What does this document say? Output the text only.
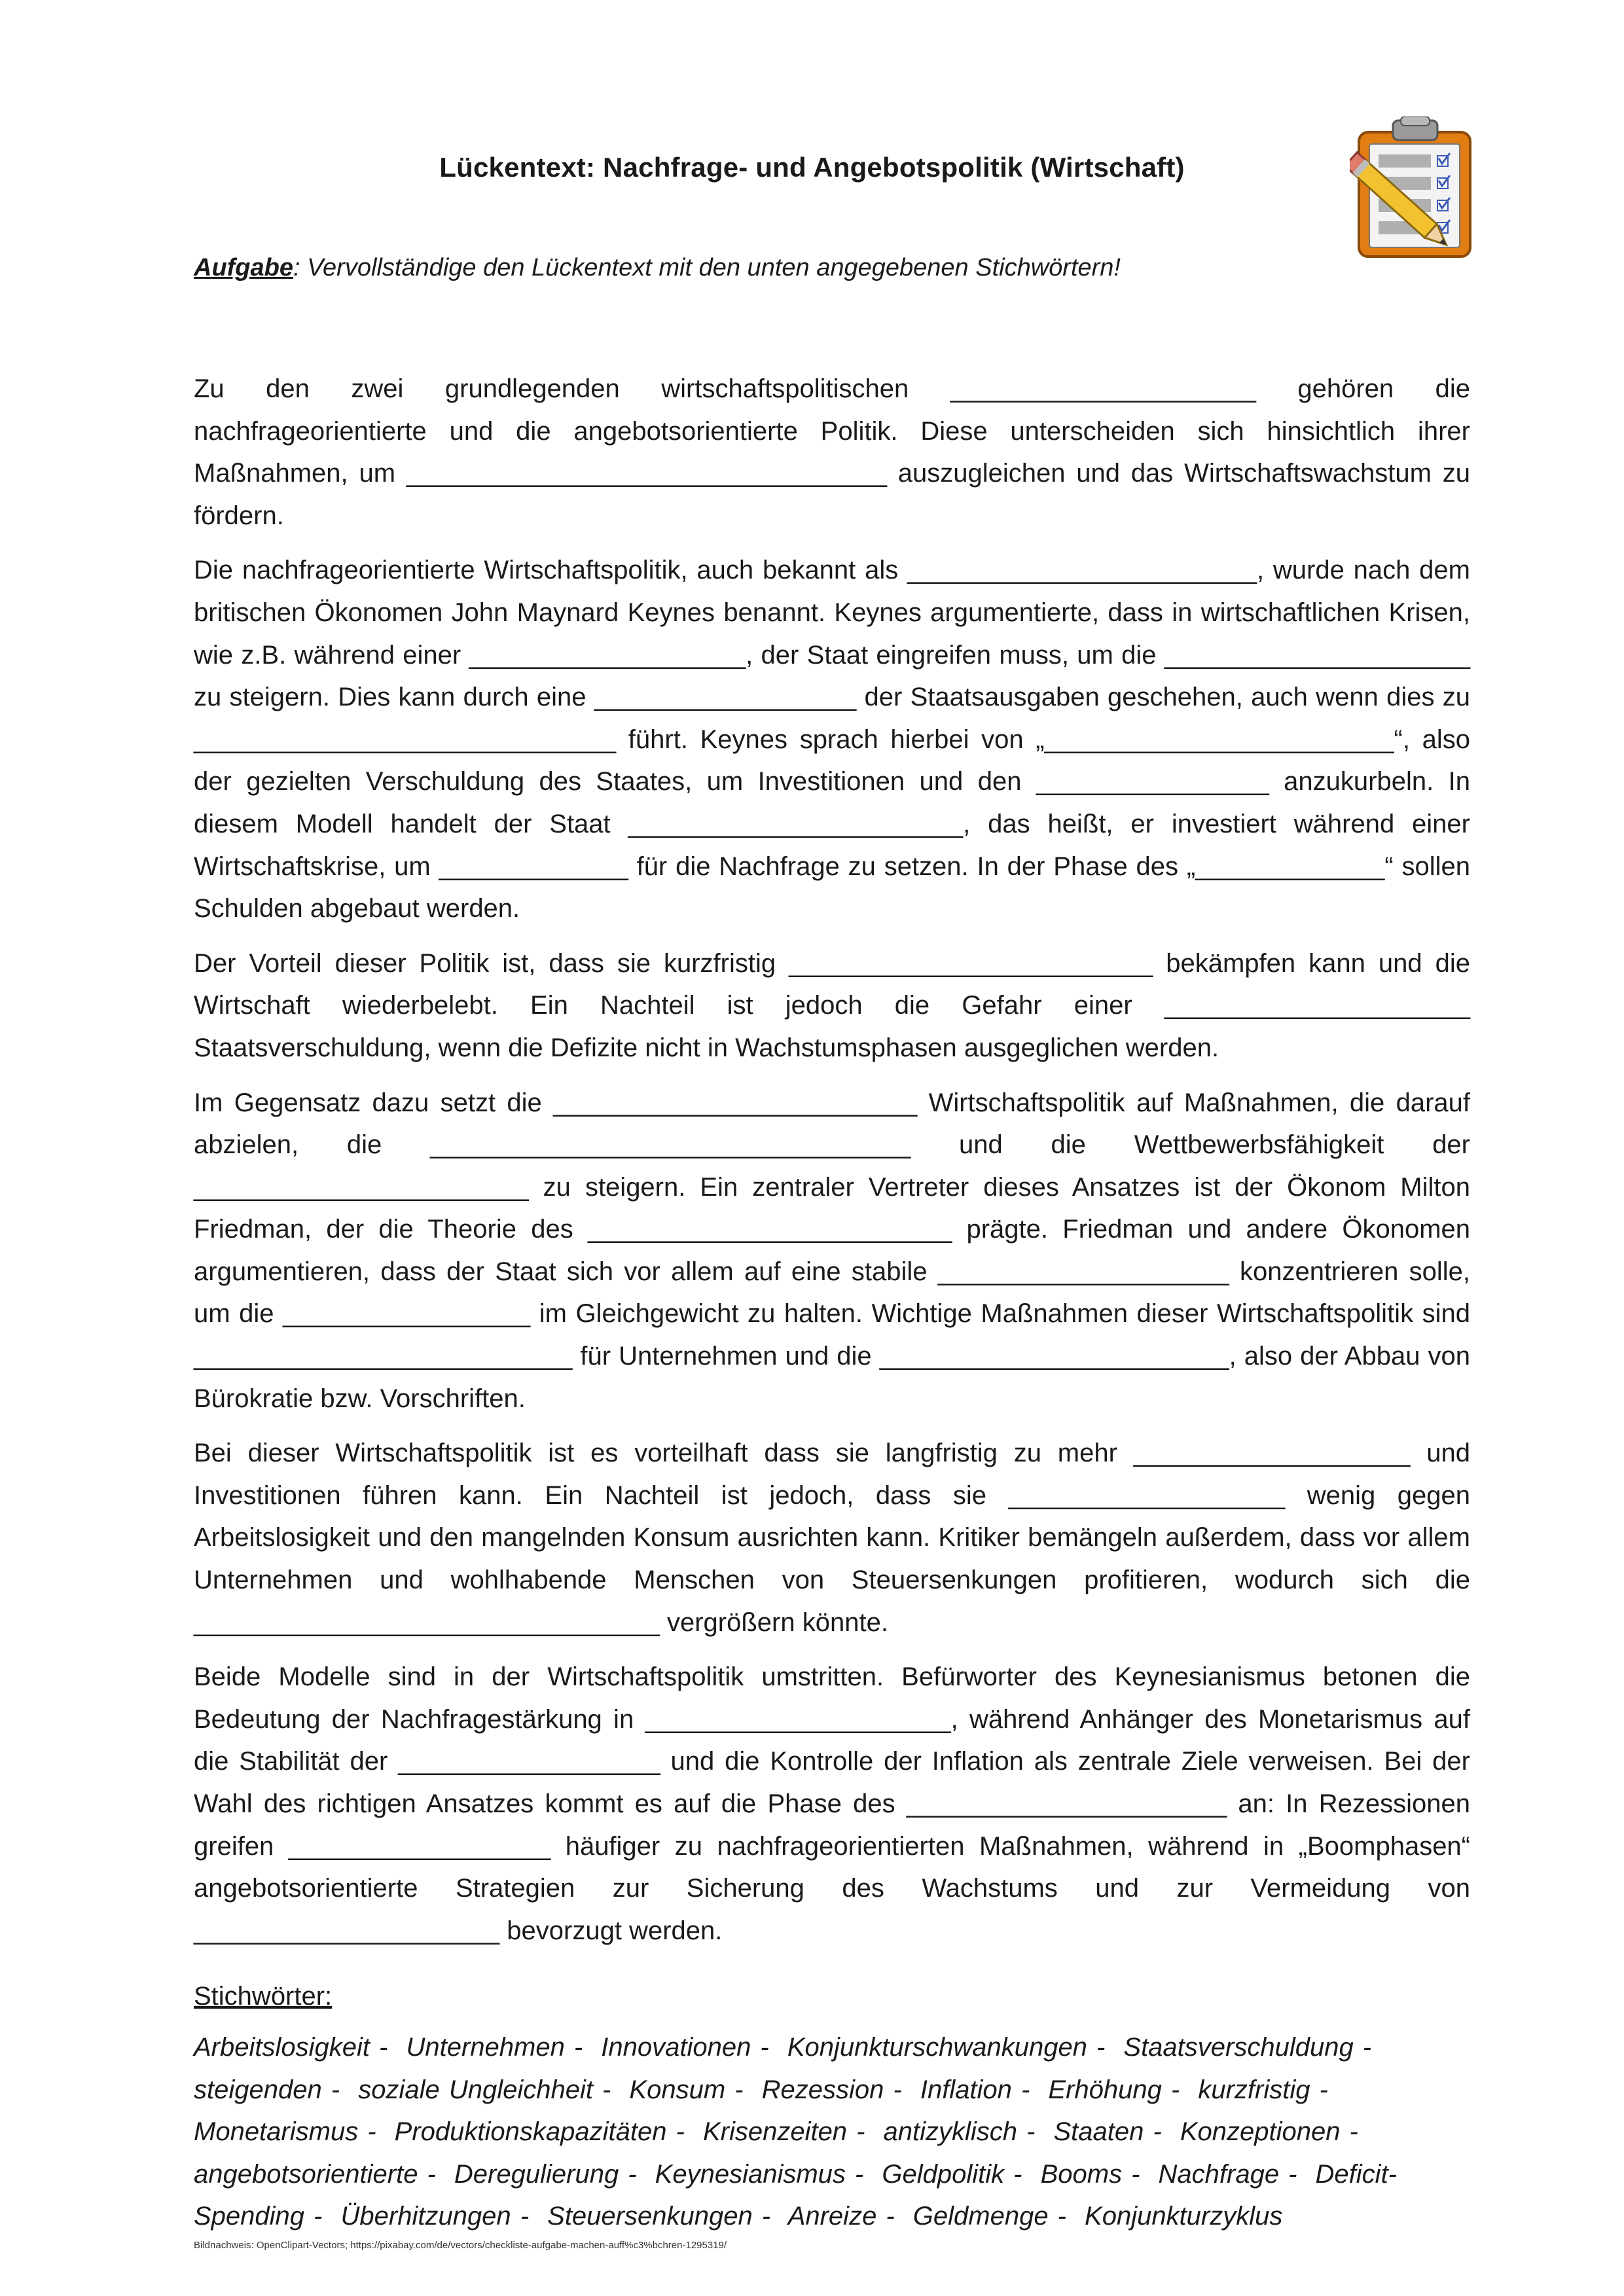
Lückentext: Nachfrage- und Angebotspolitik (Wirtschaft)
Aufgabe: Vervollständige den Lückentext mit den unten angegebenen Stichwörtern!

Zu den zwei grundlegenden wirtschaftspolitischen _____________________ gehören die nachfrageorientierte und die angebotsorientierte Politik. Diese unterscheiden sich hinsichtlich ihrer Maßnahmen, um _________________________________ auszugleichen und das Wirtschaftswachstum zu fördern.

Die nachfrageorientierte Wirtschaftspolitik, auch bekannt als ________________________, wurde nach dem britischen Ökonomen John Maynard Keynes benannt. Keynes argumentierte, dass in wirtschaftlichen Krisen, wie z.B. während einer ___________________, der Staat eingreifen muss, um die _____________________ zu steigern. Dies kann durch eine __________________ der Staatsausgaben geschehen, auch wenn dies zu _____________________________ führt. Keynes sprach hierbei von „________________________“, also der gezielten Verschuldung des Staates, um Investitionen und den ________________ anzukurbeln. In diesem Modell handelt der Staat _______________________, das heißt, er investiert während einer Wirtschaftskrise, um _____________ für die Nachfrage zu setzen. In der Phase des „_____________“ sollen Schulden abgebaut werden.

Der Vorteil dieser Politik ist, dass sie kurzfristig _________________________ bekämpfen kann und die Wirtschaft wiederbelebt. Ein Nachteil ist jedoch die Gefahr einer _____________________ Staatsverschuldung, wenn die Defizite nicht in Wachstumsphasen ausgeglichen werden.

Im Gegensatz dazu setzt die _________________________ Wirtschaftspolitik auf Maßnahmen, die darauf abzielen, die _________________________________ und die Wettbewerbsfähigkeit der _______________________ zu steigern. Ein zentraler Vertreter dieses Ansatzes ist der Ökonom Milton Friedman, der die Theorie des _________________________ prägte. Friedman und andere Ökonomen argumentieren, dass der Staat sich vor allem auf eine stabile ____________________ konzentrieren solle, um die _________________ im Gleichgewicht zu halten. Wichtige Maßnahmen dieser Wirtschaftspolitik sind __________________________ für Unternehmen und die ________________________, also der Abbau von Bürokratie bzw. Vorschriften.

Bei dieser Wirtschaftspolitik ist es vorteilhaft dass sie langfristig zu mehr ___________________ und Investitionen führen kann. Ein Nachteil ist jedoch, dass sie ___________________ wenig gegen Arbeitslosigkeit und den mangelnden Konsum ausrichten kann. Kritiker bemängeln außerdem, dass vor allem Unternehmen und wohlhabende Menschen von Steuersenkungen profitieren, wodurch sich die ________________________________ vergrößern könnte.

Beide Modelle sind in der Wirtschaftspolitik umstritten. Befürworter des Keynesianismus betonen die Bedeutung der Nachfragestärkung in _____________________, während Anhänger des Monetarismus auf die Stabilität der __________________ und die Kontrolle der Inflation als zentrale Ziele verweisen. Bei der Wahl des richtigen Ansatzes kommt es auf die Phase des ______________________ an: In Rezessionen greifen __________________ häufiger zu nachfrageorientierten Maßnahmen, während in „Boomphasen“ angebotsorientierte Strategien zur Sicherung des Wachstums und zur Vermeidung von _____________________ bevorzugt werden.

Stichwörter:
Arbeitslosigkeit - Unternehmen - Innovationen - Konjunkturschwankungen - Staatsverschuldung - steigenden - soziale Ungleichheit - Konsum - Rezession - Inflation - Erhöhung - kurzfristig - Monetarismus - Produktionskapazitäten - Krisenzeiten - antizyklisch - Staaten - Konzeptionen - angebotsorientierte - Deregulierung - Keynesianismus - Geldpolitik - Booms - Nachfrage - Deficit-Spending - Überhitzungen - Steuersenkungen - Anreize - Geldmenge - Konjunkturzyklus
Bildnachweis: OpenClipart-Vectors; https://pixabay.com/de/vectors/checkliste-aufgabe-machen-auff%c3%bchren-1295319/
